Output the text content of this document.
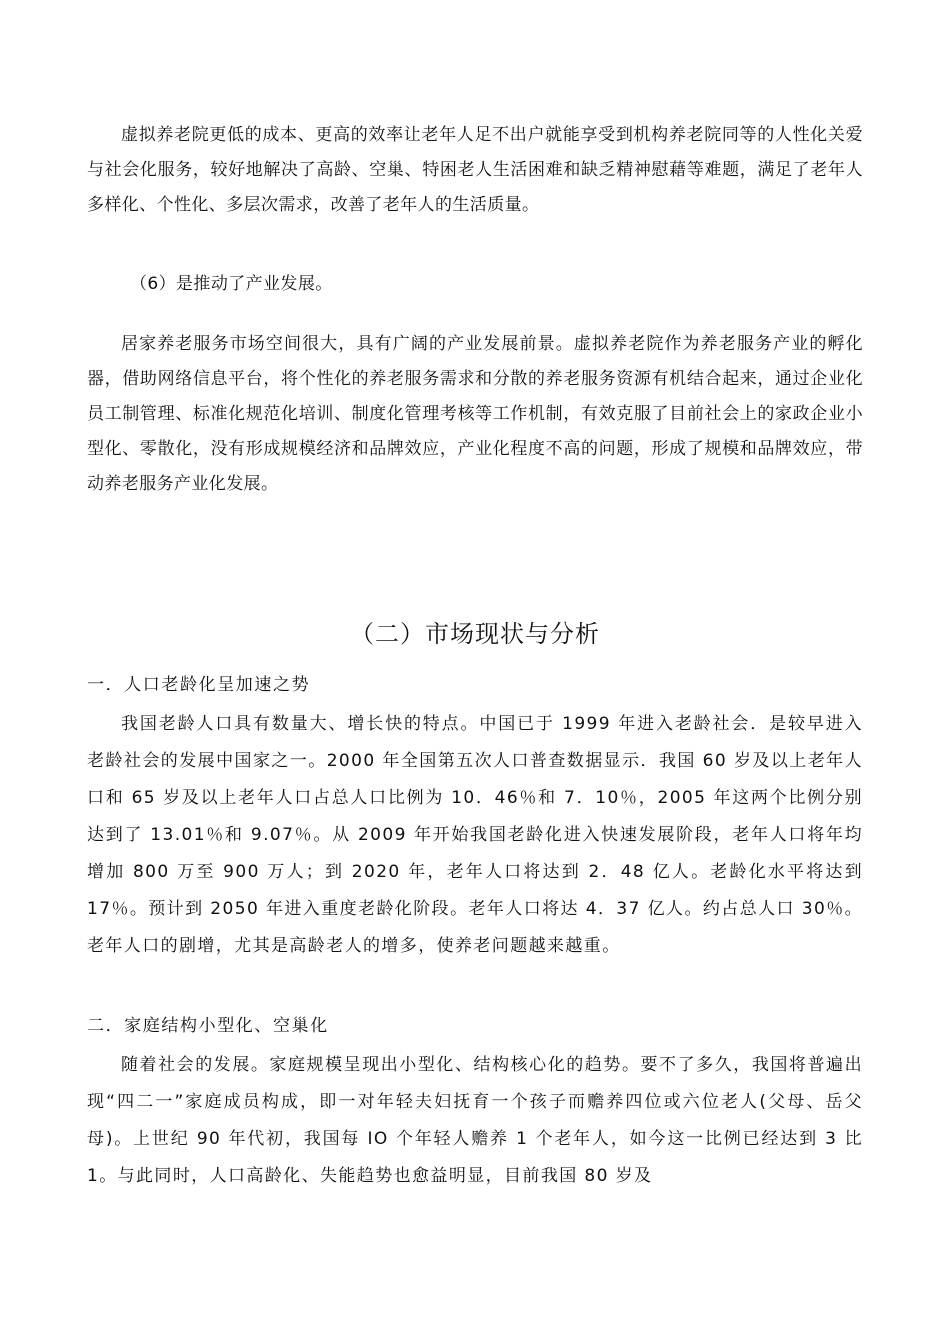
虚拟养老院更低的成本、更高的效率让老年人足不出户就能享受到机构养老院同等的人性化关爱与社会化服务，较好地解决了高龄、空巢、特困老人生活困难和缺乏精神慰藉等难题，满足了老年人多样化、个性化、多层次需求，改善了老年人的生活质量。

（6）是推动了产业发展。

居家养老服务市场空间很大，具有广阔的产业发展前景。虚拟养老院作为养老服务产业的孵化器，借助网络信息平台，将个性化的养老服务需求和分散的养老服务资源有机结合起来，通过企业化员工制管理、标准化规范化培训、制度化管理考核等工作机制，有效克服了目前社会上的家政企业小型化、零散化，没有形成规模经济和品牌效应，产业化程度不高的问题，形成了规模和品牌效应，带动养老服务产业化发展。

（二）市场现状与分析
一．人口老龄化呈加速之势

我国老龄人口具有数量大、增长快的特点。中国已于 1999 年进入老龄社会．是较早进入老龄社会的发展中国家之一。2000 年全国第五次人口普查数据显示．我国 60 岁及以上老年人口和 65 岁及以上老年人口占总人口比例为 10．46％和 7．10％，2005 年这两个比例分别达到了 13.01％和 9.07％。从 2009 年开始我国老龄化进入快速发展阶段，老年人口将年均增加 800 万至 900 万人；到 2020 年，老年人口将达到 2．48 亿人。老龄化水平将达到 17％。预计到 2050 年进入重度老龄化阶段。老年人口将达 4．37 亿人。约占总人口 30％。老年人口的剧增，尤其是高龄老人的增多，使养老问题越来越重。

二．家庭结构小型化、空巢化

随着社会的发展。家庭规模呈现出小型化、结构核心化的趋势。要不了多久，我国将普遍出现“四二一”家庭成员构成，即一对年轻夫妇抚育一个孩子而赡养四位或六位老人(父母、岳父母)。上世纪 90 年代初，我国每 IO 个年轻人赡养 1 个老年人，如今这一比例已经达到 3 比 1。与此同时，人口高龄化、失能趋势也愈益明显，目前我国 80 岁及
